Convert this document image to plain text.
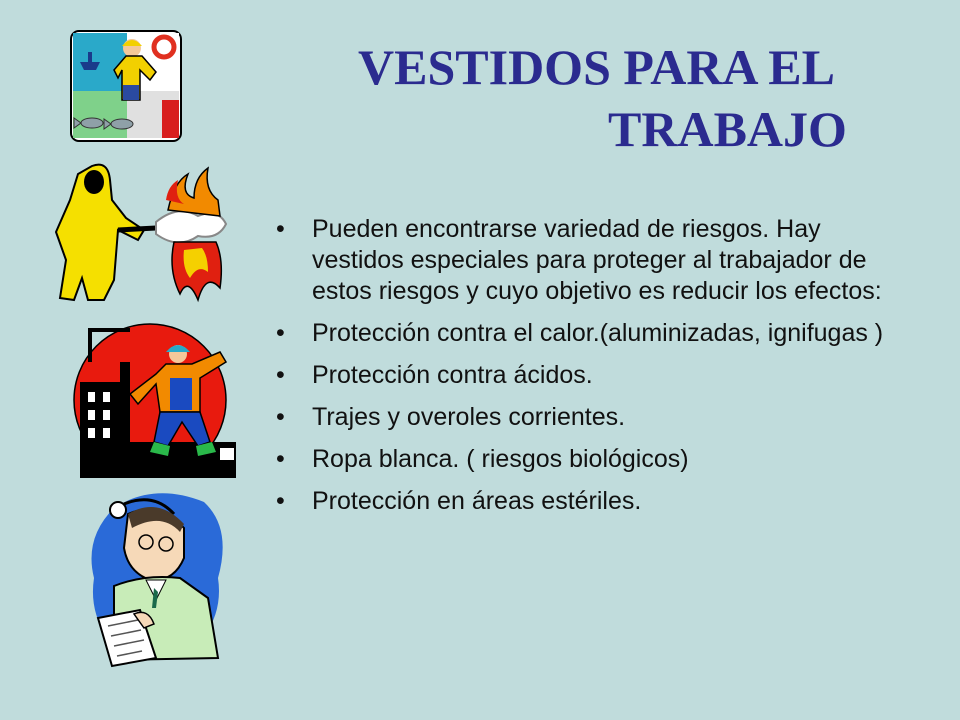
VESTIDOS PARA EL
TRABAJO
• Pueden encontrarse variedad de riesgos. Hay vestidos especiales para proteger al trabajador de estos riesgos y cuyo objetivo es reducir los efectos:
• Protección contra el calor.(aluminizadas, ignifugas )
• Protección contra ácidos.
• Trajes y overoles corrientes.
• Ropa blanca. ( riesgos biológicos)
• Protección en áreas estériles.
